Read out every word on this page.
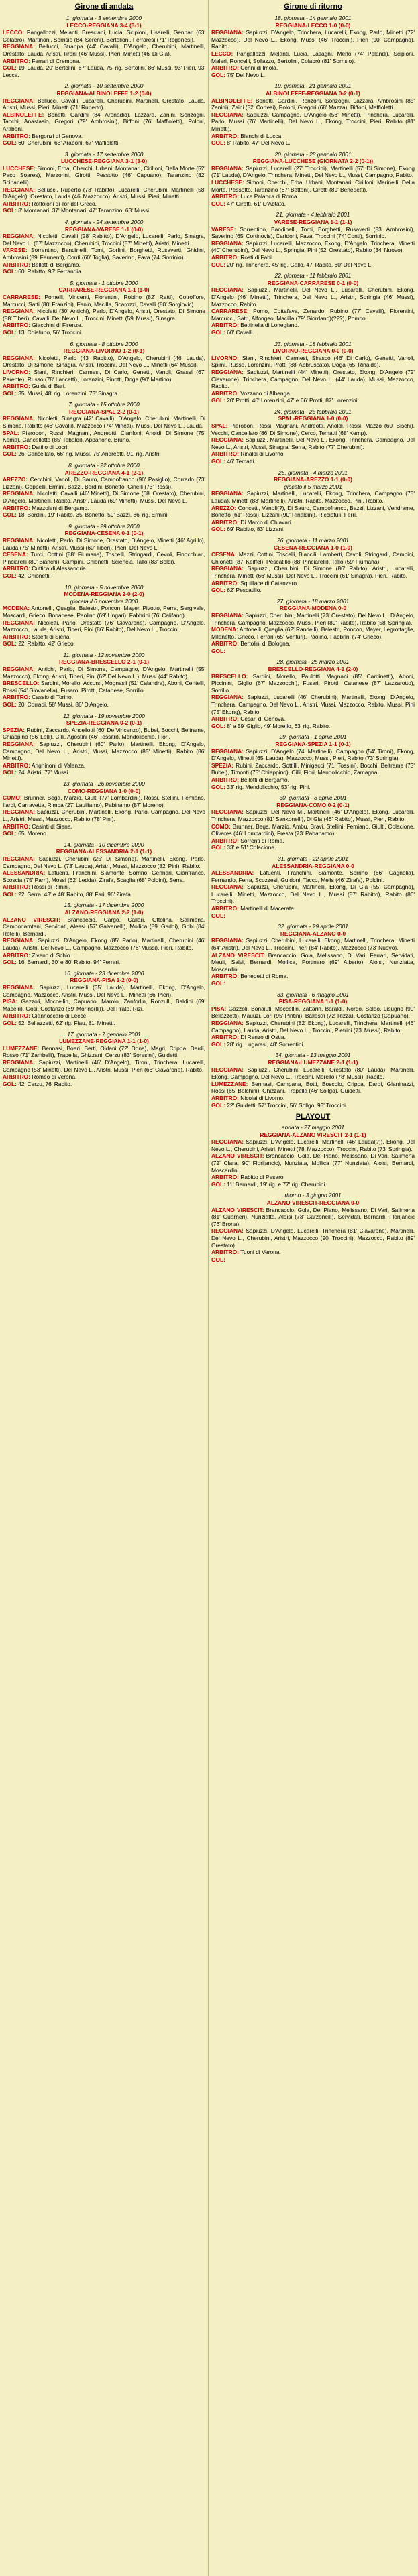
Girone di andata
1. giornata - 3 settembre 2000
LECCO-REGGIANA 3-4 (3-1)

LECCO: Pangallozzi, Melanti, Bresciani, Lucia, Scipioni, Lisarelli, Gennari (63' Colabrò), Martinoni, Sorrisio (84' Sereni), Bertolioni, Ferraresi (71' Regonesi).

REGGIANA: Bellucci, Strappa (44' Cavalli), D'Angelo, Cherubini, Martinelli, Orestato, Lauda, Aristri, Tironi (46' Mussi), Pieri, Minetti (46' Di Gia).

ARBITRO: Ferrari di Cremona.

GOL: 19' Lauda, 20' Bertolini, 67' Lauda, 75' rig. Bertolini, 86' Mussi, 93' Pieri, 93' Lecca.

2. giornata - 10 settembre 2000
REGGIANA-ALBINOLEFFE 1-2 (0-0)

REGGIANA: Bellucci, Cavalli, Lucarelli, Cherubini, Martinelli, Orestato, Lauda, Aristri, Mussi, Pieri, Minetti (71' Ruperto).

ALBINOLEFFE: Bonetti, Gardini (84' Aronadio), Lazzara, Zanini, Sonzogni, Tacchi, Anastasio, Gregori (79' Ambrosini), Biffoni (76' Maffioletti), Poloni, Araboni.

ARBITRO: Bergonzi di Genova.

GOL: 60' Cherubini, 63' Araboni, 67' Maffioletti.

3. giornata - 17 settembre 2000
LUCCHESE-REGGIANA 3-1 (3-0)

LUCCHESE: Simoni, Erba, Cherchi, Urbani, Montanari, Cirilloni, Della Morte (52' Paco Soares), Marzorini, Girotti, Pessotto (46' Capuano), Taranzino (82' Scibanelli).

REGGIANA: Bellucci, Ruperto (73' Rabitto), Lucarelli, Cherubini, Martinelli (58' D'Angelo), Orestato, Lauda (46' Mazzocco), Aristri, Mussi, Pieri, Minetti.

ARBITRO: Rottoloni di Tor del Greco.

GOL: 8' Montanari, 37' Montanari, 47' Taranzino, 63' Mussi.

4. giornata - 24 settembre 2000
REGGIANA-VARESE 1-1 (0-0)

REGGIANA: Nicoletti, Cavalli (28' Rabitto), D'Angelo, Lucarelli, Parlo, Sinagra, Del Nevo L. (67' Mazzocco), Cherubini, Troccini (57' Minetti), Aristri, Minetti.

VARESE: Sorrentino, Bandinelli, Tomi, Gorlini, Borghetti, Rusaverti, Ghidini, Ambrosini (89' Fermenti), Conti (60' Toglia), Saverino, Fava (74' Sorrinio).

ARBITRO: Bellotti di Bergamo.

GOL: 60' Rabitto, 93' Ferrandia.

5. giornata - 1 ottobre 2000
CARRARESE-REGGIANA 1-1 (1-0)

CARRARESE: Pomelli, Vincenti, Fiorentini, Robino (82' Ratti), Cotroffore, Marcucci, Satti (80' Franzini), Fanin, Macilla, Scarozzi, Cavalli (80' Sorgiovic).

REGGIANA: Nicoletti (30' Antichi), Parlo, D'Angelo, Aristri, Orestato, Di Simone (88' Tiberi), Cavalli, Del Nevo L., Troccini, Minetti (59' Mussi), Sinagra.

ARBITRO: Giacchini di Firenze.

GOL: 13' Coiafuno, 56' Troccini.

6. giornata - 8 ottobre 2000
REGGIANA-LIVORNO 1-2 (0-1)

REGGIANA: Nicoletti, Parlo (43' Rabitto), D'Angelo, Cherubini (46' Lauda), Orestato, Di Simone, Sinagra, Aristri, Troccini, Del Nevo L., Minetti (64' Mussi).

LIVORNO: Siani, Rinchieri, Carmesi, Di Carlo, Genetti, Vanoli, Grassi (67' Parente), Russo (78' Lancetti), Lorenzini, Pinotti, Doga (90' Martino).

ARBITRO: Guida di Bari.

GOL: 35' Mussi, 48' rig. Lorenzini, 73' Sinagra.

7. giornata - 15 ottobre 2000
REGGIANA-SPAL 2-2 (0-1)

REGGIANA: Nicoletti, Sinagra (42' Cavalli), D'Angelo, Cherubini, Martinelli, Di Simone, Rabitto (46' Cavalli), Mazzocco (74' Minetti), Mussi, Del Nevo L., Lauda.

SPAL: Pierobon, Rossi, Magnani, Andreotti, Cianfoni, Anoldi, Di Simone (75' Kemp), Cancellotto (85' Tebaldi), Apparlone, Bruno.

ARBITRO: Dattilo di Locri.

GOL: 26' Cancellato, 66' rig. Mussi, 75' Andreotti, 91' rig. Aristri.

8. giornata - 22 ottobre 2000
AREZZO-REGGIANA 4-1 (2-1)

AREZZO: Cecchini, Vanoli, Di Sauro, Campofranco (90' Pasiglio), Corrado (73' Lizzani), Coppelli, Ermini, Bazzi, Bordini, Bonetto, Cinelli (73' Rossi).

REGGIANA: Nicoletti, Cavalli (46' Minetti), Di Simone (68' Orestato), Cherubini, D'Angelo, Martinelli, Rabito, Aristri, Lauda (69' Minetti), Mussi, Del Nevo L.

ARBITRO: Mazzoleni di Bergamo.

GOL: 18' Bordini, 19' Rabito, 35' Bonetto, 59' Bazzi, 66' rig. Ermini.

9. giornata - 29 ottobre 2000
REGGIANA-CESENA 0-1 (0-1)

REGGIANA: Nicoletti, Parlo, Di Simone, Orestato, D'Angelo, Minetti (46' Agrillo), Lauda (75' Minetti), Aristri, Mussi (60' Tiberi), Pieri, Del Nevo L.

CESENA: Turci, Cottini (88' Fiumana), Toscelli, Stringardi, Cevoli, Finocchiari, Pinciarelli (80' Bianchi), Campini, Chionetti, Sciencia, Tallo (83' Boldi).

ARBITRO: Cuttica di Alessandria.

GOL: 42' Chionetti.

10. giornata - 5 novembre 2000
MODENA-REGGIANA 2-0 (2-0)
giocata il 6 novembre 2000

MODENA: Antonelli, Quaglia, Balestri, Poncon, Mayer, Pivotto, Perra, Sergivale, Moscardi, Grieco, Bonanese, Paolino (69' Ungari), Fabbrini (76' Califano).

REGGIANA: Nicoletti, Parlo, Orestato (76' Ciavarone), Campagno, D'Angelo, Mazzocco, Lauda, Aristri, Tiberi, Pini (86' Rabito), Del Nevo L., Troccini.

ARBITRO: Stoeffi di Siena.

GOL: 22' Rabitto, 42' Grieco.

11. giornata - 12 novembre 2000
REGGIANA-BRESCELLO 2-1 (0-1)

REGGIANA: Antichi, Parlo, Di Simone, Campagno, D'Angelo, Martinelli (55' Mazzocco), Ekong, Aristri, Tiberi, Pini (62' Del Nevo L.), Mussi (44' Rabito).

BRESCELLO: Sardini, Morello, Accursi, Mognasli (51' Calandra), Aboni, Centelli, Rossi (54' Giovanella), Fusaro, Pirotti, Catanese, Sorrillo.

ARBITRO: Cassio di Torino.

GOL: 20' Corradi, 58' Mussi, 86' D'Angelo.

12. giornata - 19 novembre 2000
SPEZIA-REGGIANA 0-2 (0-1)

SPEZIA: Rubini, Zaccardo, Ancellotti (60' De Vincenzo), Bubel, Bocchi, Beltrame, Chiappino (56' Lelli), Cilli, Agostini (46' Tessitri), Mendolicchio, Fiori.

REGGIANA: Sapiuzzi, Cherubini (60' Parlo), Martinelli, Ekong, D'Angelo, Campagno, Del Nevo L., Aristri, Mussi, Mazzocco (85' Minetti), Rabito (86' Minetti).

ARBITRO: Anghinoni di Valenza.

GOL: 24' Aristri, 77' Mussi.

13. giornata - 26 novembre 2000
COMO-REGGIANA 1-0 (0-0)

COMO: Brunner, Bega, Marzio, Giulti (77' Lombardini), Rossi, Stellini, Femiano, Ilardi, Carravetta, Rimba (27' Lauiliamo), Pabinamo (87' Moreno).

REGGIANA: Sapiuzzi, Cherubini, Martinelli, Ekong, Parlo, Campagno, Del Nevo L., Aristri, Mussi, Mazzocco, Rabito (78' Pini).

ARBITRO: Casinti di Siena.

GOL: 65' Moreno.

14. giornata - 10 dicembre 2000
REGGIANA-ALESSANDRIA 2-1 (1-1)

REGGIANA: Sapiuzzi, Cherubini (25' Di Simone), Martinelli, Ekong, Parlo, Campagno, Del Nevo L. (73' Lauda), Aristri, Mussi, Mazzocco (82' Pini), Rabito.

ALESSANDRIA: Lafuenti, Franchini, Siamonte, Sorrino, Gennari, Gianfranco, Scoscia (75' Parri), Mossi (62' Ledda), Zirafa, Scaglia (68' Poldini), Serra.

ARBITRO: Rossi di Rimini.

GOL: 22' Serra, 43' e 48' Rabito, 88' Fari, 96' Zirafa.

15. giornata - 17 dicembre 2000
ALZANO-REGGIANA 2-2 (1-0)

ALZANO VIRESCIT: Brancaccio, Cargo, Callari, Ottolina, Salimena, Camporlamtani, Servidati, Alessi (57' Galvanelli), Mollica (89' Gaddi), Gobi (84' Rotelli), Bernardi.

REGGIANA: Sapiuzzi, D'Angelo, Ekong (85' Parlo), Martinelli, Cherubini (46' Lauda), Aristri, Del Nevo L., Campagno, Mazzocco (76' Mussi), Pieri, Rabito.

ARBITRO: Ziveno di Schio.

GOL: 16' Bernardi, 30' e 80' Rabito, 94' Ferrari.

16. giornata - 23 dicembre 2000
REGGIANA-PISA 1-2 (0-0)

REGGIANA: Sapiuzzi, Lucarelli (35' Lauda), Martinelli, Ekong, D'Angelo, Campagno, Mazzocco, Aristri, Mussi, Del Nevo L., Minetti (66' Pieri).

PISA: Gazzoli, Moccellin, Capuano, Marolo, Zanforlin, Ronzulli, Baldini (69' Maceiri), Gosi, Costanzo (69' Morino(lli)), Del Prato, Rizi.

ARBITRO: Giannoccaro di Lecce.

GOL: 52' Bellazzetti, 62' rig. Fiau, 81' Minetti.

17. giornata - 7 gennaio 2001
LUMEZZANE-REGGIANA 1-1 (1-0)

LUMEZZANE: Bennasi, Boari, Berti, Oldani (72' Dona), Magri, Crippa, Dardi, Rosso (71' Zambelli), Trapella, Ghizzani, Cerzu (83' Soresini), Guidetti.

REGGIANA: Sapiuzzi, Martinelli (46' D'Angelo), Tironi, Trinchera, Lucarelli, Campagno (53' Minetti), Del Nevo L., Aristri, Mussi, Pieri (66' Ciavarone), Rabito.

ARBITRO: Romeo di Verona.

GOL: 42' Cerzu, 76' Rabito.

Girone di ritorno
18. giornata - 14 gennaio 2001
REGGIANA-LECCO 1-0 (0-0)

REGGIANA: Sapiuzzi, D'Angelo, Trinchera, Lucarelli, Ekong, Parlo, Minetti (72' Mazzocco), Del Nevo L., Ekong, Mussi (46' Troccini), Pieri (90' Campagno), Rabito.

LECCO: Pangallozzi, Melanti, Lucia, Lasagni, Merlo (74' Pelandi), Scipioni, Maleri, Roncelli, Sollazzo, Bertolini, Colabrò (81' Sorrisio).

ARBITRO: Cenni di Imola.

GOL: 75' Del Nevo L.

19. giornata - 21 gennaio 2001
ALBINOLEFFE-REGGIANA 0-2 (0-1)

ALBINOLEFFE: Bonetti, Gardini, Ronzoni, Sonzogni, Lazzara, Ambrosini (85' Zanini), Zaini (52' Cortesi), Poloni, Gregori (68' Mazza), Biffoni, Maffioletti.

REGGIANA: Sapiuzzi, Campagno, D'Angelo (56' Minetti), Trinchera, Lucarelli, Parlo, Mussi (76' Martinelli), Del Nevo L., Ekong, Troccini, Pieri, Rabito (81' Minetti).

ARBITRO: Bianchi di Lucca.

GOL: 8' Rabito, 47' Del Nevo L.

20. giornata - 28 gennaio 2001
REGGIANA-LUCCHESE (GIORNATA 2-2 (0-1))

REGGIANA: Sapiuzzi, Lucarelli (27' Troccini), Martinelli (57' Di Simone), Ekong (71' Lauda), D'Angelo, Trinchera, Minetti, Del Nevo L., Mussi, Campagno, Rabito.

LUCCHESE: Simoni, Cherchi, Erba, Urbani, Montanari, Cirilloni, Marinelli, Della Morte, Pessotto, Taranzino (87' Bettoni), Girotti (89' Benedetti).

ARBITRO: Luca Palanca di Roma.

GOL: 47' Girotti, 61' D'Abtato.

21. giornata - 4 febbraio 2001
VARESE-REGGIANA 1-1 (1-1)

VARESE: Sorrentino, Bandinelli, Tomi, Borghetti, Rusaverti (83' Ambrosini), Saverino (65' Cortinovis), Caridoni, Fava, Troccini (74' Conti), Sorrinio.

REGGIANA: Sapiuzzi, Lucarelli, Mazzocco, Ekong, D'Angelo, Trinchera, Minetti (40' Cherubini), Del Nevo L., Springia, Pini (52' Orestato), Rabito (34' Nuovo).

ARBITRO: Rosti di Fabi.

GOL: 20' rig. Trinchera, 45' rig. Gallo, 47' Rabito, 60' Del Nevo L.

22. giornata - 11 febbraio 2001
REGGIANA-CARRARESE 0-1 (0-0)

REGGIANA: Sapiuzzi, Martinelli, Del Nevo L., Lucarelli, Cherubini, Ekong, D'Angelo (46' Minetti), Trinchera, Del Nevo L., Aristri, Springia (46' Mussi), Mazzocco, Rabito.

CARRARESE: Pomo, Cottafava, Zenardo, Rubino (77' Cavalli), Fiorentini, Marcucci, Satri, Alfongeo, Macilla (79' Giordano)(???), Pombo.

ARBITRO: Bettinella di Lonegiano.

GOL: 60' Cavalli.

23. giornata - 18 febbraio 2001
LIVORNO-REGGIANA 0-0 (0-0)

LIVORNO: Siani, Rinchieri, Carmesi, Sirasco (46' Di Carlo), Genetti, Vanoli, Spimi, Russo, Lorenzini, Protti (88' Abbruscato), Doga (65' Rinaldo).

REGGIANA: Sapiuzzi, Martinelli (44' Minetti), Orestato, Ekong, D'Angelo (72' Ciavarone), Trinchera, Campagno, Del Nevo L. (44' Lauda), Mussi, Mazzocco, Rabito.

ARBITRO: Vozzano di Albenga.

GOL: 20' Protti, 40' Lorenzini, 47' e 66' Protti, 87' Lorenzini.

24. giornata - 25 febbraio 2001
SPAL-REGGIANA 1-0 (0-0)

SPAL: Pierobon, Rossi, Magnani, Andreotti, Anoldi, Rossi, Mazzo (60' Bischi), Vecchi, Cancellato (86' Di Simone), Cerco, Tematti (68' Kemp).

REGGIANA: Sapiuzzi, Martinelli, Del Nevo L., Ekong, Trinchera, Campagno, Del Nevo L., Aristri, Mussi, Sinagra, Serra, Rabito (77' Cherubini).

ARBITRO: Rinaldi di Livorno.

GOL: 46' Tematti.

25. giornata - 4 marzo 2001
REGGIANA-AREZZO 1-1 (0-0)
giocato il 5 marzo 2001

REGGIANA: Sapiuzzi, Martinelli, Lucarelli, Ekong, Trinchera, Campagno (75' Lauda), Minetti (83' Martinelli), Aristri, Rabito, Mazzocco, Pini, Rabito.

AREZZO: Concetti, Vanoli(?), Di Sauro, Campofranco, Bazzi, Lizzani, Vendrame, Bonetto (61' Rossi), Lizzani (90' Rinaldini), Ricciofuli, Ferri.

ARBITRO: Di Marco di Chiavari.

GOL: 69' Rabitto, 83' Lizzani.

26. giornata - 11 marzo 2001
CESENA-REGGIANA 1-0 (1-0)

CESENA: Mazzi, Cottini, Toscelli, Biancili, Lamberti, Cevoli, Stringardi, Campini, Chionetti (87' Keiffel), Pescatillo (88' Pinciarelli), Tallo (59' Fiumana).

REGGIANA: Sapiuzzi, Cherubini, Di Simone (86' Rabito), Aristri, Lucarelli, Trinchera, Minetti (66' Mussi), Del Nevo L., Troccini (61' Sinagra), Pieri, Rabito.

ARBITRO: Squillace di Catanzaro.

GOL: 62' Pescatillo.

27. giornata - 18 marzo 2001
REGGIANA-MODENA 0-0

REGGIANA: Sapiuzzi, Cherubini, Martinelli (73' Orestato), Del Nevo L., D'Angelo, Trinchera, Campagno, Mazzocco, Mussi, Pieri (89' Rabito), Rabito (58' Springia).

MODENA: Antonelli, Quaglia (62' Randelli), Balestri, Poncon, Mayer, Legrottaglie, Milanetto, Grieco, Ferrari (65' Venturi), Paolino, Fabbrini (74' Grieco).

ARBITRO: Bertolini di Bologna.

GOL:

28. giornata - 25 marzo 2001
BRESCELLO-REGGIANA 4-1 (2-0)

BRESCELLO: Sardini, Morello, Paulotti, Magnani (85' Cardinetti), Aboni, Piccinini, Giglio (67' Mazzocchi), Fusari, Pirotti, Catanese (87' Lazzarotto), Sorrillo.

REGGIANA: Sapiuzzi, Lucarelli (46' Cherubini), Martinelli, Ekong, D'Angelo, Trinchera, Campagno, Del Nevo L., Aristri, Mussi, Mazzocco, Rabito, Mussi, Pini (75' Ekong), Rabito.

ARBITRO: Cesari di Genova.

GOL: 8' e 59' Giglio, 49' Morello, 63' rig. Rabito.

29. giornata - 1 aprile 2001
REGGIANA-SPEZIA 1-1 (0-1)

REGGIANA: Sapiuzzi, D'Angelo (74' Martinelli), Campagno (54' Tironi), Ekong, D'Angelo, Minetti (65' Lauda), Mazzocco, Mussi, Pieri, Rabito (73' Springia).

SPEZIA: Rubini, Zaccardo, Sottilli, Minigacci (71' Tossini), Bocchi, Beltrame (73' Bubel), Timonti (75' Chiappino), Cilli, Fiori, Mendolicchio, Zamagna.

ARBITRO: Bellotti di Bergamo.

GOL: 33' rig. Mendolicchio, 53' rig. Pini.

30. giornata - 8 aprile 2001
REGGIANA-COMO 0-2 (0-1)

REGGIANA: Sapiuzzi, Del Nevo M., Martinelli (46' D'Angelo), Ekong, Lucarelli, Trinchera, Mazzocco (81' Sankonelli), Di Gia (46' Rabito), Mussi, Pieri, Rabito.

COMO: Brunner, Bega, Marzio, Ambu, Bravi, Stellini, Femiano, Giulti, Colacione, Olivares (46' Lombardini), Fresta (73' Pabanamo).

ARBITRO: Sorrenti di Roma.

GOL: 33' e 51' Colacione.

31. giornata - 22 aprile 2001
ALESSANDRIA-REGGIANA 0-0

ALESSANDRIA: Lafuenti, Franchini, Siamonte, Sorrino (66' Cagnolia), Fernando, Ferra, Scozzesi, Guidoni, Tacco, Melis (46' Zirafa), Poldini.

REGGIANA: Sapiuzzi, Cherubini, Martinelli, Ekong, Di Gia (55' Campagno), Lucarelli, Minetti, Mazzocco, Del Nevo L., Mussi (87' Rabitto), Rabito (86' Troccini).

ARBITRO: Martinelli di Macerata.

GOL:

32. giornata - 29 aprile 2001
REGGIANA-ALZANO 0-0

REGGIANA: Sapiuzzi, Cherubini, Lucarelli, Ekong, Martinelli, Trinchera, Minetti (64' Aristri), Del Nevo L., Troccini, Pieri (84' Rabito), Mazzocco (73' Nuovo).

ALZANO VIRESCIT: Brancaccio, Gola, Melissano, Di Vari, Ferrari, Servidati, Meuli, Salvi, Bernardi, Mollica, Portinaro (69' Alberto), Aloisi, Nunziatta, Moscardini.

ARBITRO: Benedetti di Roma.

GOL:

33. giornata - 6 maggio 2001
PISA-REGGIANA 1-1 (1-0)

PISA: Gazzoli, Bonaiuti, Moccellin, Zattarin, Baraldi, Nordo, Soldo, Lisugno (90' Bellazzetti), Mauuzi, Lori (95' Pintini), Ballestri (72' Rizza), Costanzo (Capuano).

REGGIANA: Sapiuzzi, Cherubini (82' Ekong), Lucarelli, Trinchera, Martinelli (46' Campagno), Lauda, Aristri, Del Nevo L., Troccini, Pietrini (73' Mussi), Rabito.

ARBITRO: Di Renzo di Ostia.

GOL: 28' rig. Lugaresi, 48' Sorrentini.

34. giornata - 13 maggio 2001
REGGIANA-LUMEZZANE 2-1 (1-1)

REGGIANA: Sapiuzzi, Cherubini, Lucarelli, Orestato (80' Lauda), Martinelli, Ekong, Campagno, Del Nevo L., Troccini, Morello (78' Mussi), Rabito.

LUMEZZANE: Bennasi, Campana, Botti, Boscolo, Crippa, Dardi, Gianinazzi, Rossi (65' Bolchini), Ghizzani, Trapella (46' Sollgo), Guidetti.

ARBITRO: Nicolai di Livorno.

GOL: 22' Guidetti, 57' Troccini, 56' Sollgo, 93' Troccini.

PLAYOUT
andata - 27 maggio 2001
REGGIANA-ALZANO VIRESCIT 2-1 (1-1)

REGGIANA: Sapiuzzi, D'Angelo, Lucarelli, Martinelli (46' Lauda(?)), Ekong, Del Nevo L., Cherubini, Aristri, Minetti (78' Mazzocco), Troccini, Rabito (73' Springia).

ALZANO VIRESCIT: Brancaccio, Gola, Del Piano, Melissano, Di Vari, Salimena (72' Clara, 90' Florijancic), Nunziata, Mollica (77' Nunziata), Aloisi, Bernardi, Moscardini.

ARBITRO: Rabitto di Pesaro.

GOL: 11' Bernardi, 19' rig. e 77' rig. Cherubini.

ritorno - 3 giugno 2001
ALZANO VIRESCIT-REGGIANA 0-0

ALZANO VIRESCIT: Brancaccio, Gola, Del Piano, Melissano, Di Vari, Salimena (81' Guarneri), Nunziatta, Aloisi (73' Garzonelli), Servidati, Bernardi, Florijancic (76' Brona).

REGGIANA: Sapiuzzi, D'Angelo, Lucarelli, Trinchera (81' Ciavarone), Martinelli, Del Nevo L., Cherubini, Aristri, Mazzocco (90' Troccini), Mazzocco, Rabito (89' Orestato).

ARBITRO: Tuoni di Verona.

GOL:
